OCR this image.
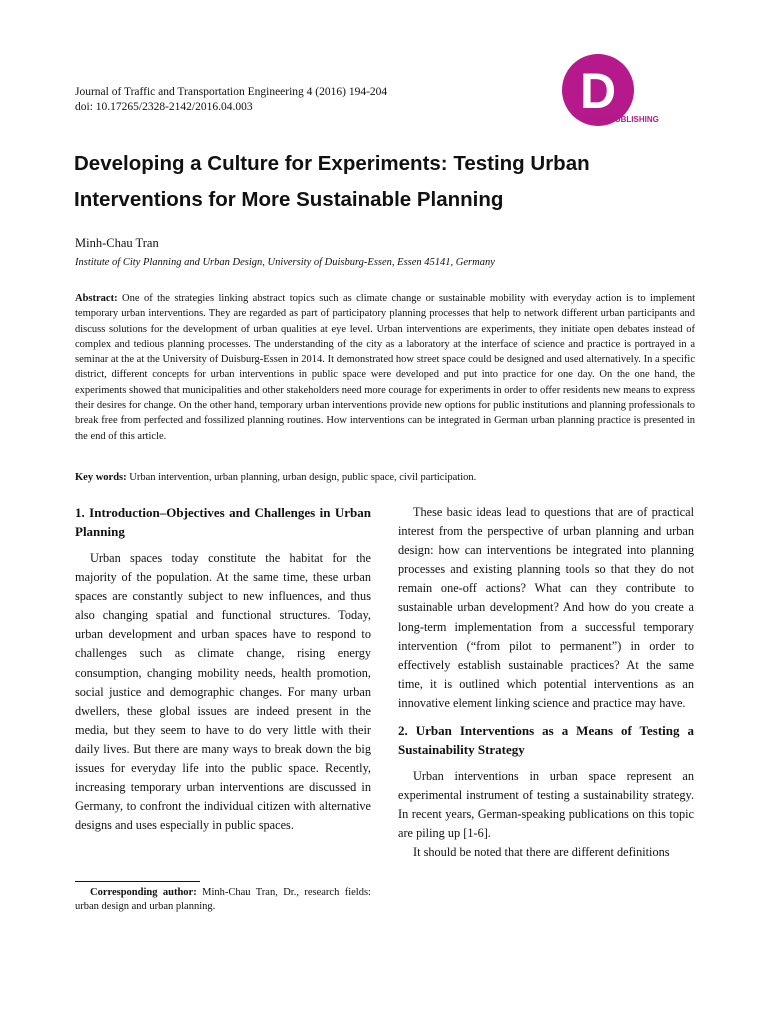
Journal of Traffic and Transportation Engineering 4 (2016) 194-204
doi: 10.17265/2328-2142/2016.04.003	D
DAVID PUBLISHING
Developing a Culture for Experiments: Testing Urban Interventions for More Sustainable Planning
Minh-Chau Tran
Institute of City Planning and Urban Design, University of Duisburg-Essen, Essen 45141, Germany

Abstract: One of the strategies linking abstract topics such as climate change or sustainable mobility with everyday action is to implement temporary urban interventions. They are regarded as part of participatory planning processes that help to network different urban participants and discuss solutions for the development of urban qualities at eye level. Urban interventions are experiments, they initiate open debates instead of complex and tedious planning processes. The understanding of the city as a laboratory at the interface of science and practice is portrayed in a seminar at the at the University of Duisburg-Essen in 2014. It demonstrated how street space could be designed and used alternatively. In a specific district, different concepts for urban interventions in public space were developed and put into practice for one day. On the one hand, the experiments showed that municipalities and other stakeholders need more courage for experiments in order to offer residents new means to express their desires for change. On the other hand, temporary urban interventions provide new options for public institutions and planning professionals to break free from perfected and fossilized planning routines. How interventions can be integrated in German urban planning practice is presented in the end of this article.

Key words: Urban intervention, urban planning, urban design, public space, civil participation.
1. Introduction–Objectives and Challenges in Urban Planning

Urban spaces today constitute the habitat for the majority of the population. At the same time, these urban spaces are constantly subject to new influences, and thus also changing spatial and functional structures. Today, urban development and urban spaces have to respond to challenges such as climate change, rising energy consumption, changing mobility needs, health promotion, social justice and demographic changes. For many urban dwellers, these global issues are indeed present in the media, but they seem to have to do very little with their daily lives. But there are many ways to break down the big issues for everyday life into the public space. Recently, increasing temporary urban interventions are discussed in Germany, to confront the individual citizen with alternative designs and uses especially in public spaces.

These basic ideas lead to questions that are of practical interest from the perspective of urban planning and urban design: how can interventions be integrated into planning processes and existing planning tools so that they do not remain one-off actions? What can they contribute to sustainable urban development? And how do you create a long-term implementation from a successful temporary intervention (“from pilot to permanent”) in order to effectively establish sustainable practices? At the same time, it is outlined which potential interventions as an innovative element linking science and practice may have.

2. Urban Interventions as a Means of Testing a Sustainability Strategy

Urban interventions in urban space represent an experimental instrument of testing a sustainability strategy. In recent years, German-speaking publications on this topic are piling up [1-6].

It should be noted that there are different definitions

Corresponding author: Minh-Chau Tran, Dr., research fields: urban design and urban planning.
